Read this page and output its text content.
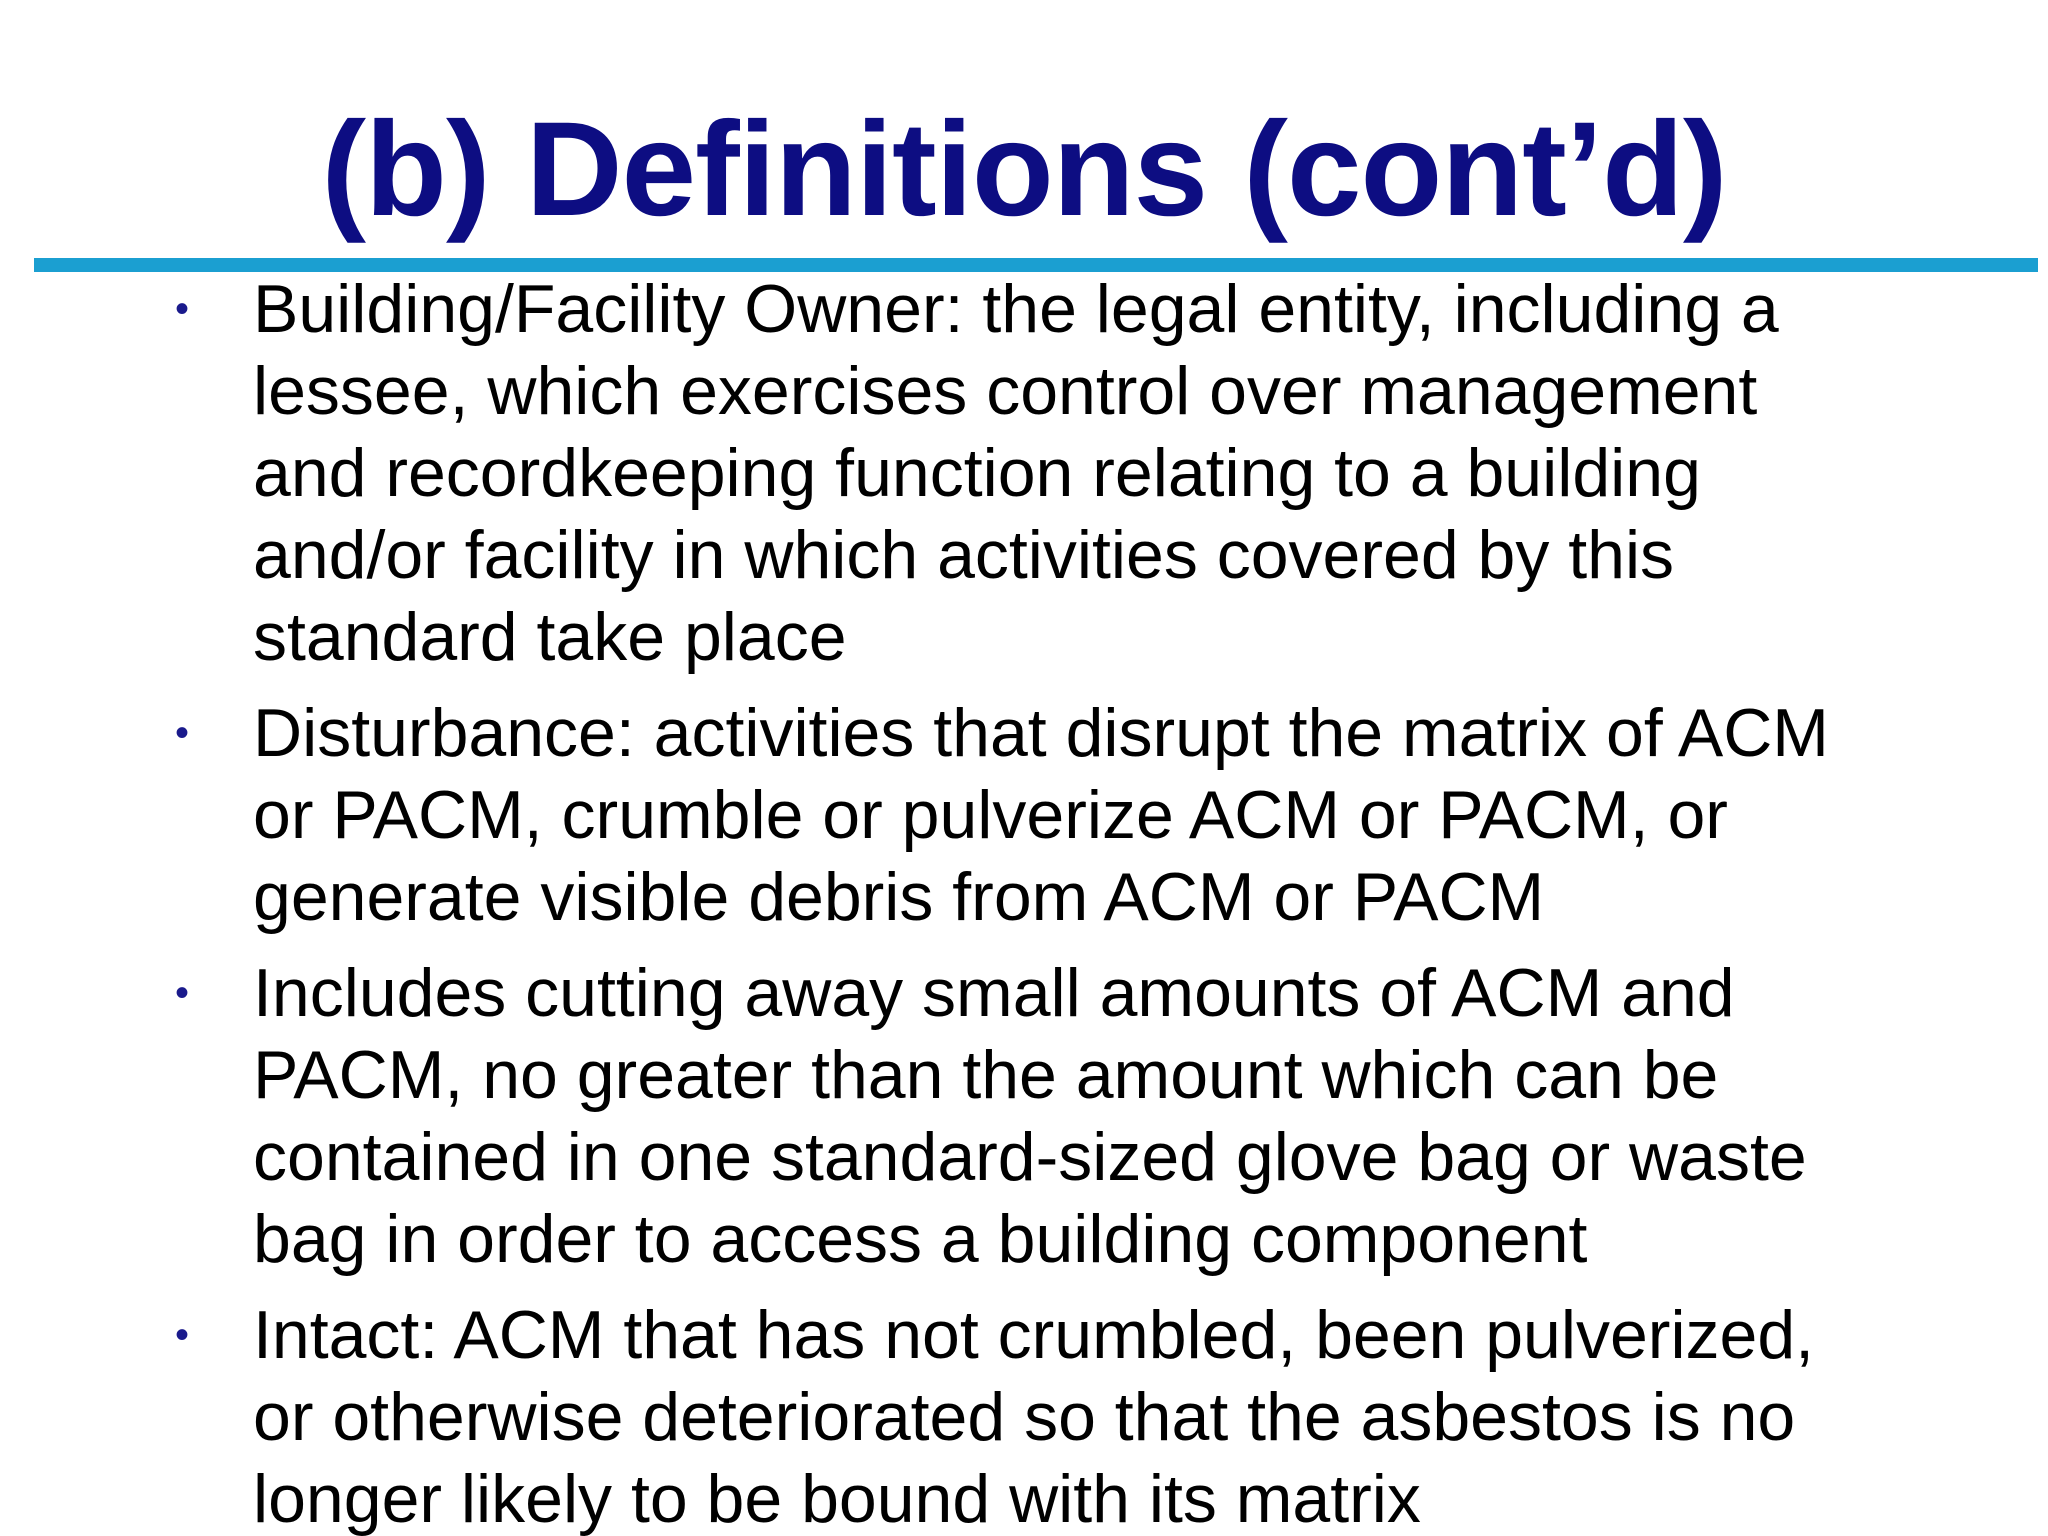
(b) Definitions (cont’d)
• Building/Facility Owner: the legal entity, including a
lessee, which exercises control over management
and recordkeeping function relating to a building
and/or facility in which activities covered by this
standard take place
• Disturbance: activities that disrupt the matrix of ACM
or PACM, crumble or pulverize ACM or PACM, or
generate visible debris from ACM or PACM
• Includes cutting away small amounts of ACM and
PACM, no greater than the amount which can be
contained in one standard-sized glove bag or waste
bag in order to access a building component
• Intact: ACM that has not crumbled, been pulverized,
or otherwise deteriorated so that the asbestos is no
longer likely to be bound with its matrix
